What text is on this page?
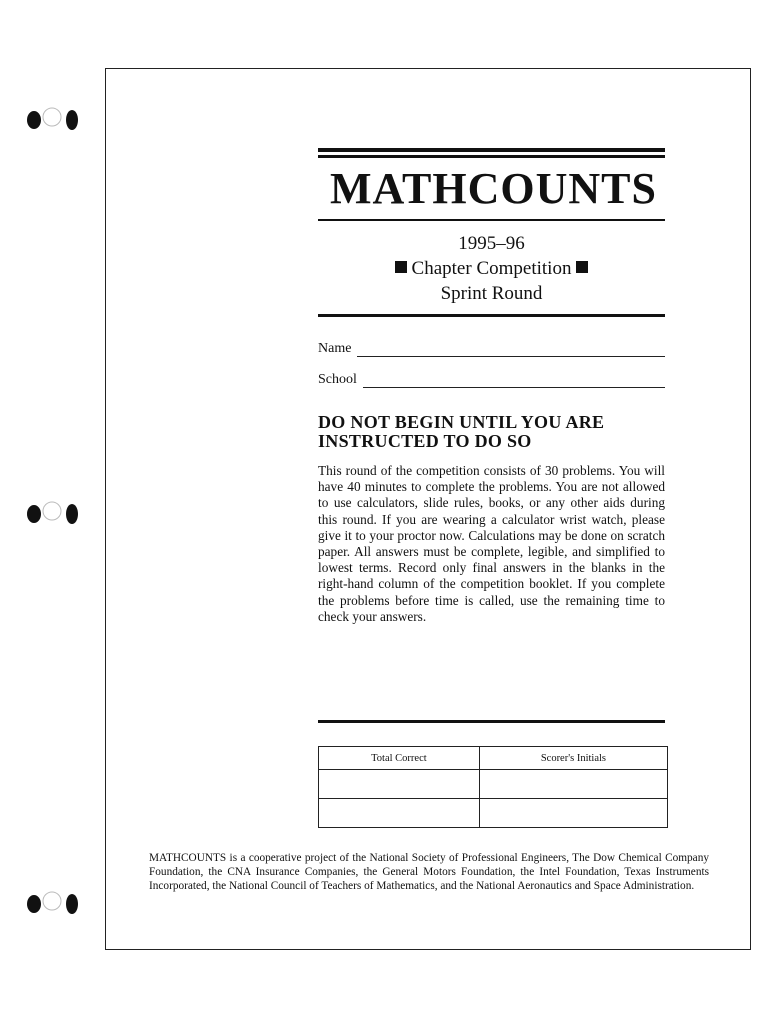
MATHCOUNTS
1995–96
Chapter Competition
Sprint Round
Name
School
DO NOT BEGIN UNTIL YOU ARE INSTRUCTED TO DO SO
This round of the competition consists of 30 problems. You will have 40 minutes to complete the problems. You are not allowed to use calculators, slide rules, books, or any other aids during this round. If you are wearing a calculator wrist watch, please give it to your proctor now. Calculations may be done on scratch paper. All answers must be complete, legible, and simplified to lowest terms. Record only final answers in the blanks in the right-hand column of the competition booklet. If you complete the problems before time is called, use the remaining time to check your answers.
Total Correct	Scorer's Initials

MATHCOUNTS is a cooperative project of the National Society of Professional Engineers, The Dow Chemical Company Foundation, the CNA Insurance Companies, the General Motors Foundation, the Intel Foundation, Texas Instruments Incorporated, the National Council of Teachers of Mathematics, and the National Aeronautics and Space Administration.
